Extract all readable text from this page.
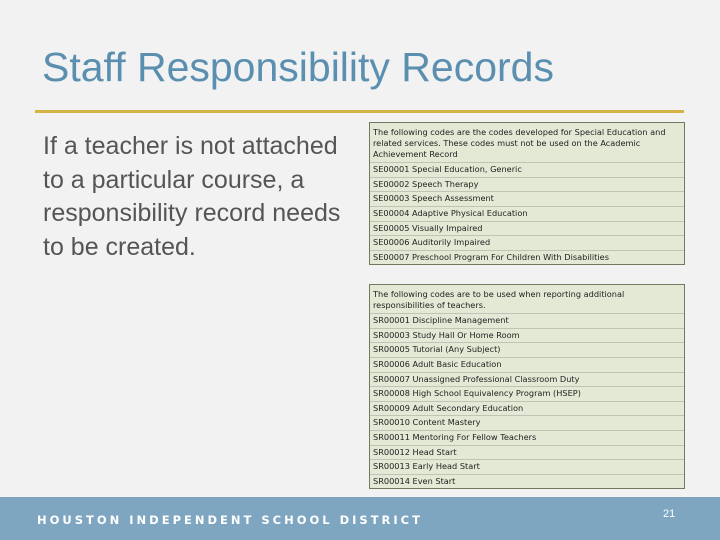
Staff Responsibility Records
If a teacher is not attached to a particular course, a responsibility record needs to be created.
The following codes are the codes developed for Special Education and related services. These codes must not be used on the Academic Achievement Record
SE00001 Special Education, Generic
SE00002 Speech Therapy
SE00003 Speech Assessment
SE00004 Adaptive Physical Education
SE00005 Visually Impaired
SE00006 Auditorily Impaired
SE00007 Preschool Program For Children With Disabilities
The following codes are to be used when reporting additional responsibilities of teachers.
SR00001 Discipline Management
SR00003 Study Hall Or Home Room
SR00005 Tutorial (Any Subject)
SR00006 Adult Basic Education
SR00007 Unassigned Professional Classroom Duty
SR00008 High School Equivalency Program (HSEP)
SR00009 Adult Secondary Education
SR00010 Content Mastery
SR00011 Mentoring For Fellow Teachers
SR00012 Head Start
SR00013 Early Head Start
SR00014 Even Start
HOUSTON INDEPENDENT SCHOOL DISTRICT	21
